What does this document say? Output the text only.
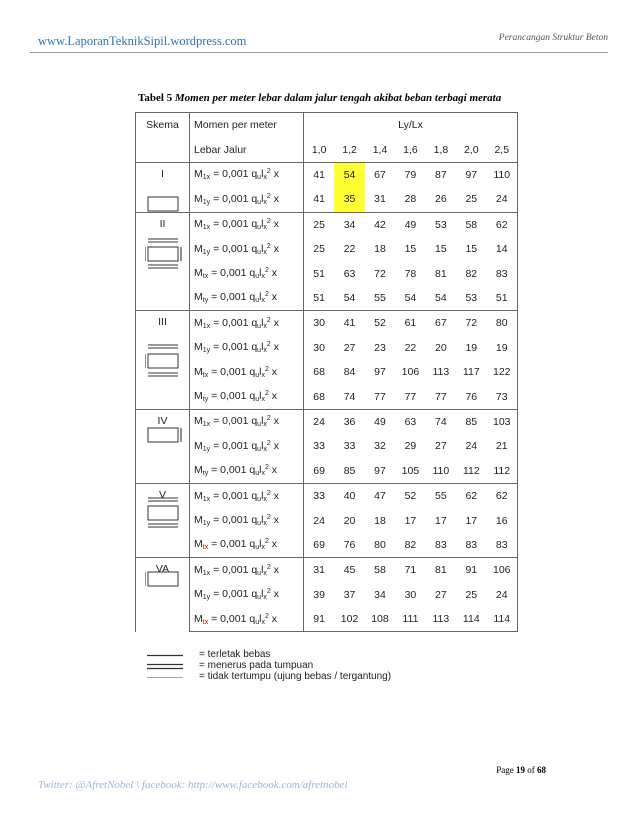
www.LaporanTeknikSipil.wordpress.com	Perancangan Struktur Beton
Tabel 5 Momen per meter lebar dalam jalur tengah akibat beban terbagi merata
Skema	Momen per meter	Ly/Lx						
	Lebar Jalur	1,0	1,2	1,4	1,6	1,8	2,0	2,5

I	$M_{1x} = 0,001$ $q_ul_x^2$ x	41	54	67	79	87	97	110
	$M_{1y} = 0,001$ $q_ul_x^2$ x	41	35	31	28	26	25	24

II	$M_{1x} = 0,001$ $q_ul_x^2$ x	25	34	42	49	53	58	62
	$M_{1y} = 0,001$ $q_ul_x^2$ x	25	22	18	15	15	15	14
	$M_{tx} = 0,001$ $q_ul_x^2$ x	51	63	72	78	81	82	83
	$M_{ty} = 0,001$ $q_ul_x^2$ x	51	54	55	54	54	53	51

III	$M_{1x} = 0,001$ $q_ul_x^2$ x	30	41	52	61	67	72	80
	$M_{1y} = 0,001$ $q_ul_x^2$ x	30	27	23	22	20	19	19
	$M_{tx} = 0,001$ $q_ul_x^2$ x	68	84	97	106	113	117	122
	$M_{ty} = 0,001$ $q_ul_x^2$ x	68	74	77	77	77	76	73

IV	$M_{1x} = 0,001$ $q_ul_x^2$ x	24	36	49	63	74	85	103
	$M_{1y} = 0,001$ $q_ul_x^2$ x	33	33	32	29	27	24	21
	$M_{ty} = 0,001$ $q_ul_x^2$ x	69	85	97	105	110	112	112

V	$M_{1x} = 0,001$ $q_ul_x^2$ x	33	40	47	52	55	62	62
	$M_{1y} = 0,001$ $q_ul_x^2$ x	24	20	18	17	17	17	16
	$M_{tx} = 0,001$ $q_ul_x^2$ x	69	76	80	82	83	83	83

VA	$M_{1x} = 0,001$ $q_ul_x^2$ x	31	45	58	71	81	91	106
	$M_{1y} = 0,001$ $q_ul_x^2$ x	39	37	34	30	27	25	24
	$M_{tx} = 0,001$ $q_ul_x^2$ x	91	102	108	111	113	114	114
= terletak bebas
= menerus pada tumpuan
= tidak tertumpu (ujung bebas / tergantung)
Page 19 of 68
Twitter: @AfretNobel \ facebook: http://www.facebook.com/afretnobel
